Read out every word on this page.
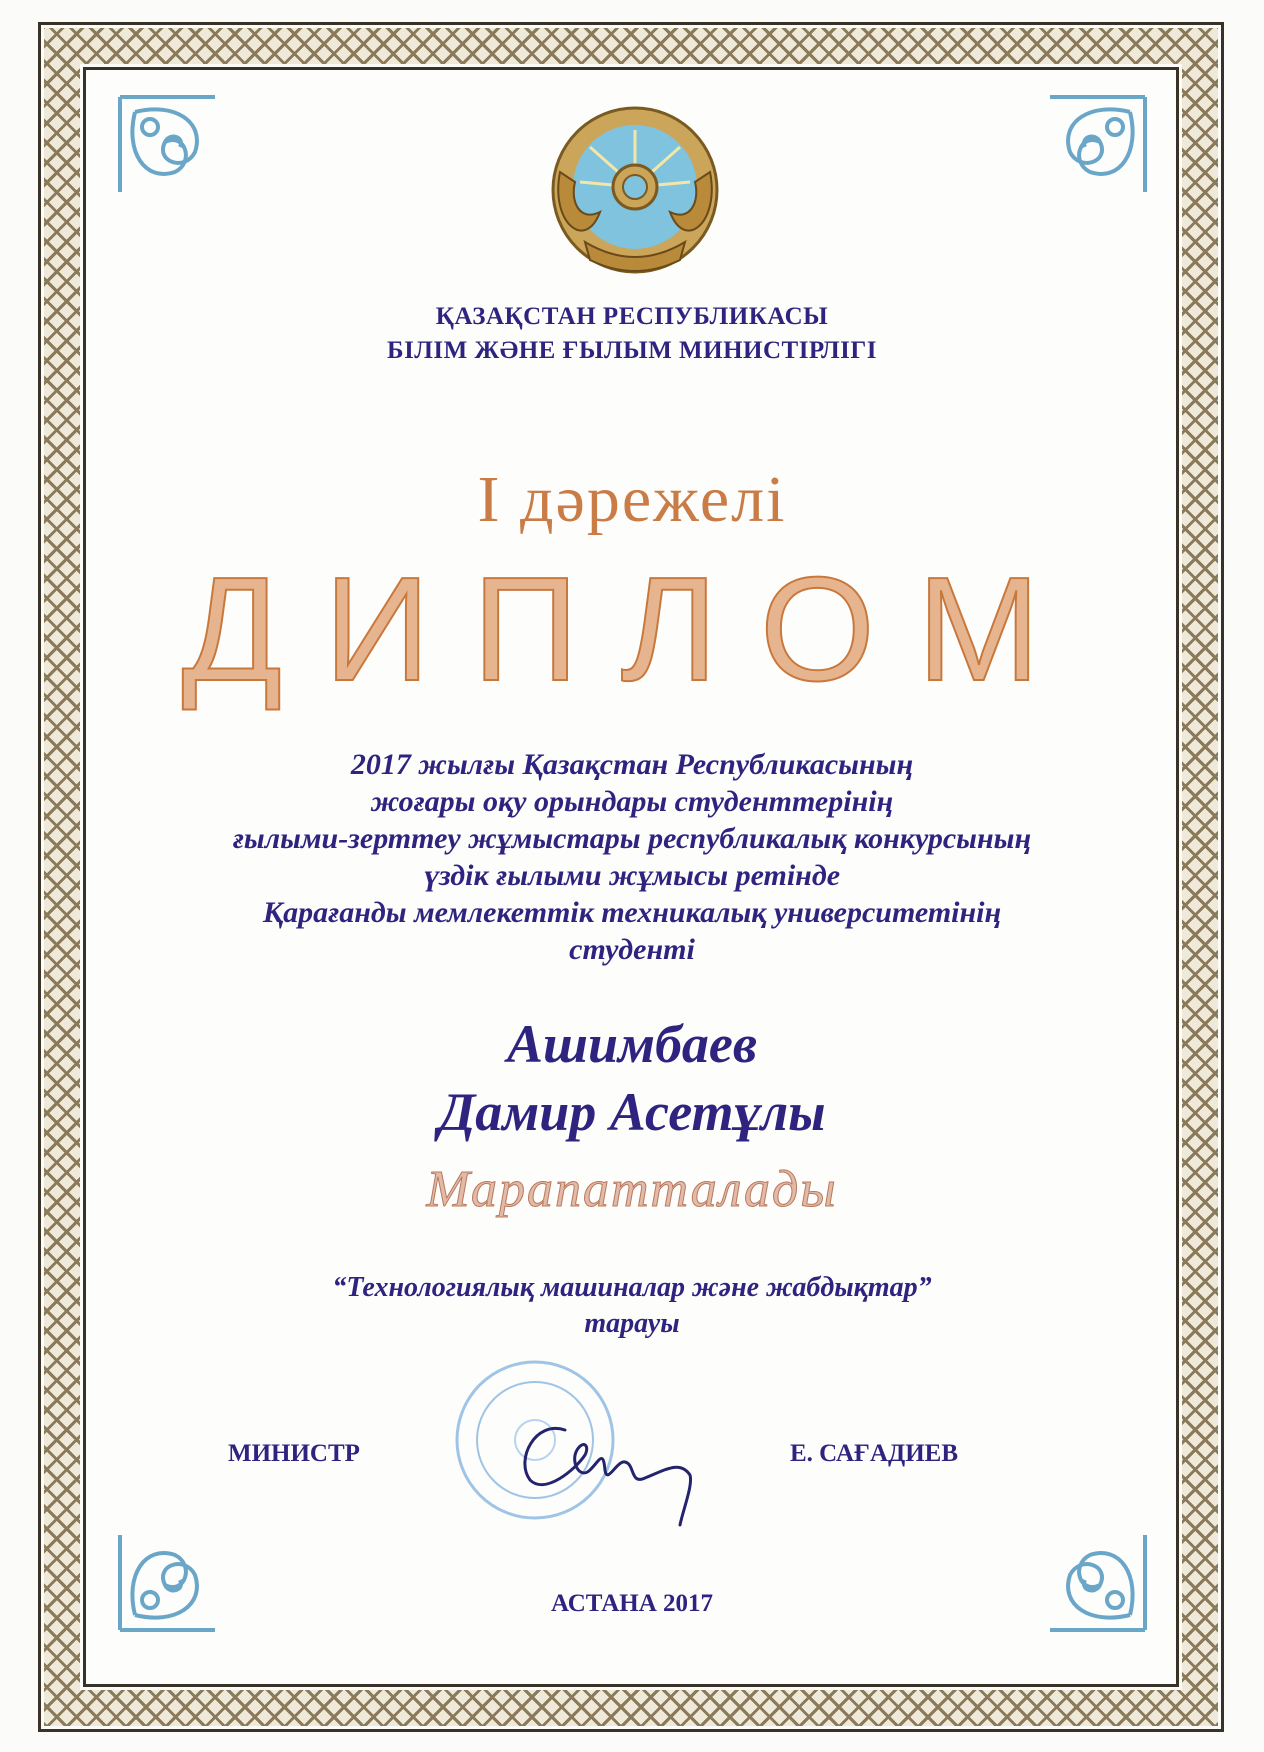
ҚАЗАҚСТАН РЕСПУБЛИКАСЫ
БІЛІМ ЖӘНЕ ҒЫЛЫМ МИНИСТІРЛІГІ
І дәрежелі
ДИПЛОМ
2017 жылғы Қазақстан Республикасының
жоғары оқу орындары студенттерінің
ғылыми-зерттеу жұмыстары республикалық конкурсының
үздік ғылыми жұмысы ретінде
Қарағанды мемлекеттік техникалық университетінің
студенті
Ашимбаев
Дамир Асетұлы
Марапатталады
“Технологиялық машиналар және жабдықтар”
тарауы
МИНИСТР	Е. САҒАДИЕВ
АСТАНА 2017
